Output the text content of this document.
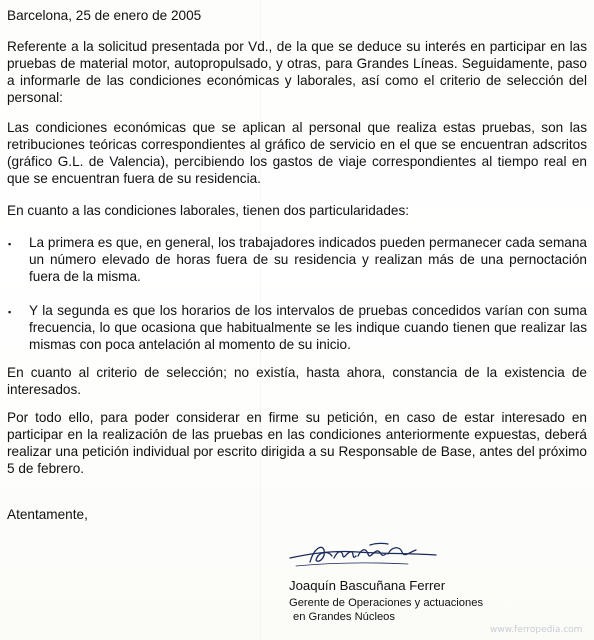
Barcelona, 25 de enero de 2005

Referente a la solicitud presentada por Vd., de la que se deduce su interés en participar en las pruebas de material motor, autopropulsado, y otras, para Grandes Líneas. Seguidamente, paso a informarle de las condiciones económicas y laborales, así como el criterio de selección del personal:

Las condiciones económicas que se aplican al personal que realiza estas pruebas, son las retribuciones teóricas correspondientes al gráfico de servicio en el que se encuentran adscritos (gráfico G.L. de Valencia), percibiendo los gastos de viaje correspondientes al tiempo real en que se encuentran fuera de su residencia.

En cuanto a las condiciones laborales, tienen dos particularidades:

▪ La primera es que, en general, los trabajadores indicados pueden permanecer cada semana un número elevado de horas fuera de su residencia y realizan más de una pernoctación fuera de la misma.

▪ Y la segunda es que los horarios de los intervalos de pruebas concedidos varían con suma frecuencia, lo que ocasiona que habitualmente se les indique cuando tienen que realizar las mismas con poca antelación al momento de su inicio.

En cuanto al criterio de selección; no existía, hasta ahora, constancia de la existencia de interesados.

Por todo ello, para poder considerar en firme su petición, en caso de estar interesado en participar en la realización de las pruebas en las condiciones anteriormente expuestas, deberá realizar una petición individual por escrito dirigida a su Responsable de Base, antes del próximo 5 de febrero.

Atentamente,

Joaquín Bascuñana Ferrer
Gerente de Operaciones y actuaciones
en Grandes Núcleos
www.ferropedia.com
